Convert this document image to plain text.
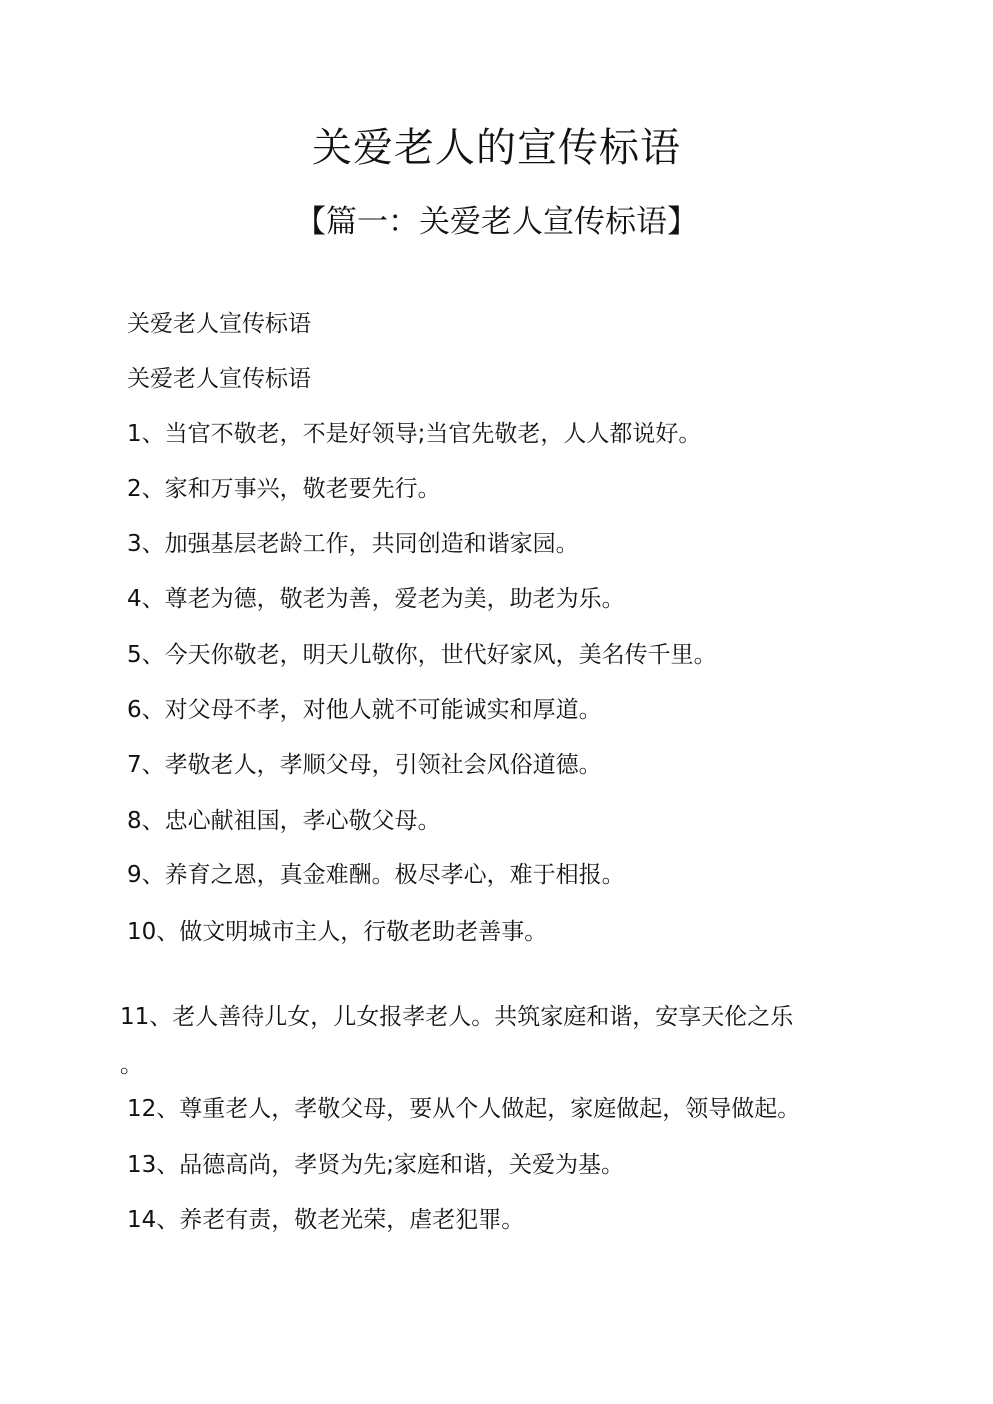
关爱老人的宣传标语
【篇一：关爱老人宣传标语】

关爱老人宣传标语

关爱老人宣传标语

1、当官不敬老，不是好领导;当官先敬老，人人都说好。

2、家和万事兴，敬老要先行。

3、加强基层老龄工作，共同创造和谐家园。

4、尊老为德，敬老为善，爱老为美，助老为乐。

5、今天你敬老，明天儿敬你，世代好家风，美名传千里。

6、对父母不孝，对他人就不可能诚实和厚道。

7、孝敬老人，孝顺父母，引领社会风俗道德。

8、忠心献祖国，孝心敬父母。

9、养育之恩，真金难酬。极尽孝心，难于相报。

10、做文明城市主人，行敬老助老善事。

11、老人善待儿女，儿女报孝老人。共筑家庭和谐，安享天伦之乐

。

12、尊重老人，孝敬父母，要从个人做起，家庭做起，领导做起。

13、品德高尚，孝贤为先;家庭和谐，关爱为基。

14、养老有责，敬老光荣，虐老犯罪。
